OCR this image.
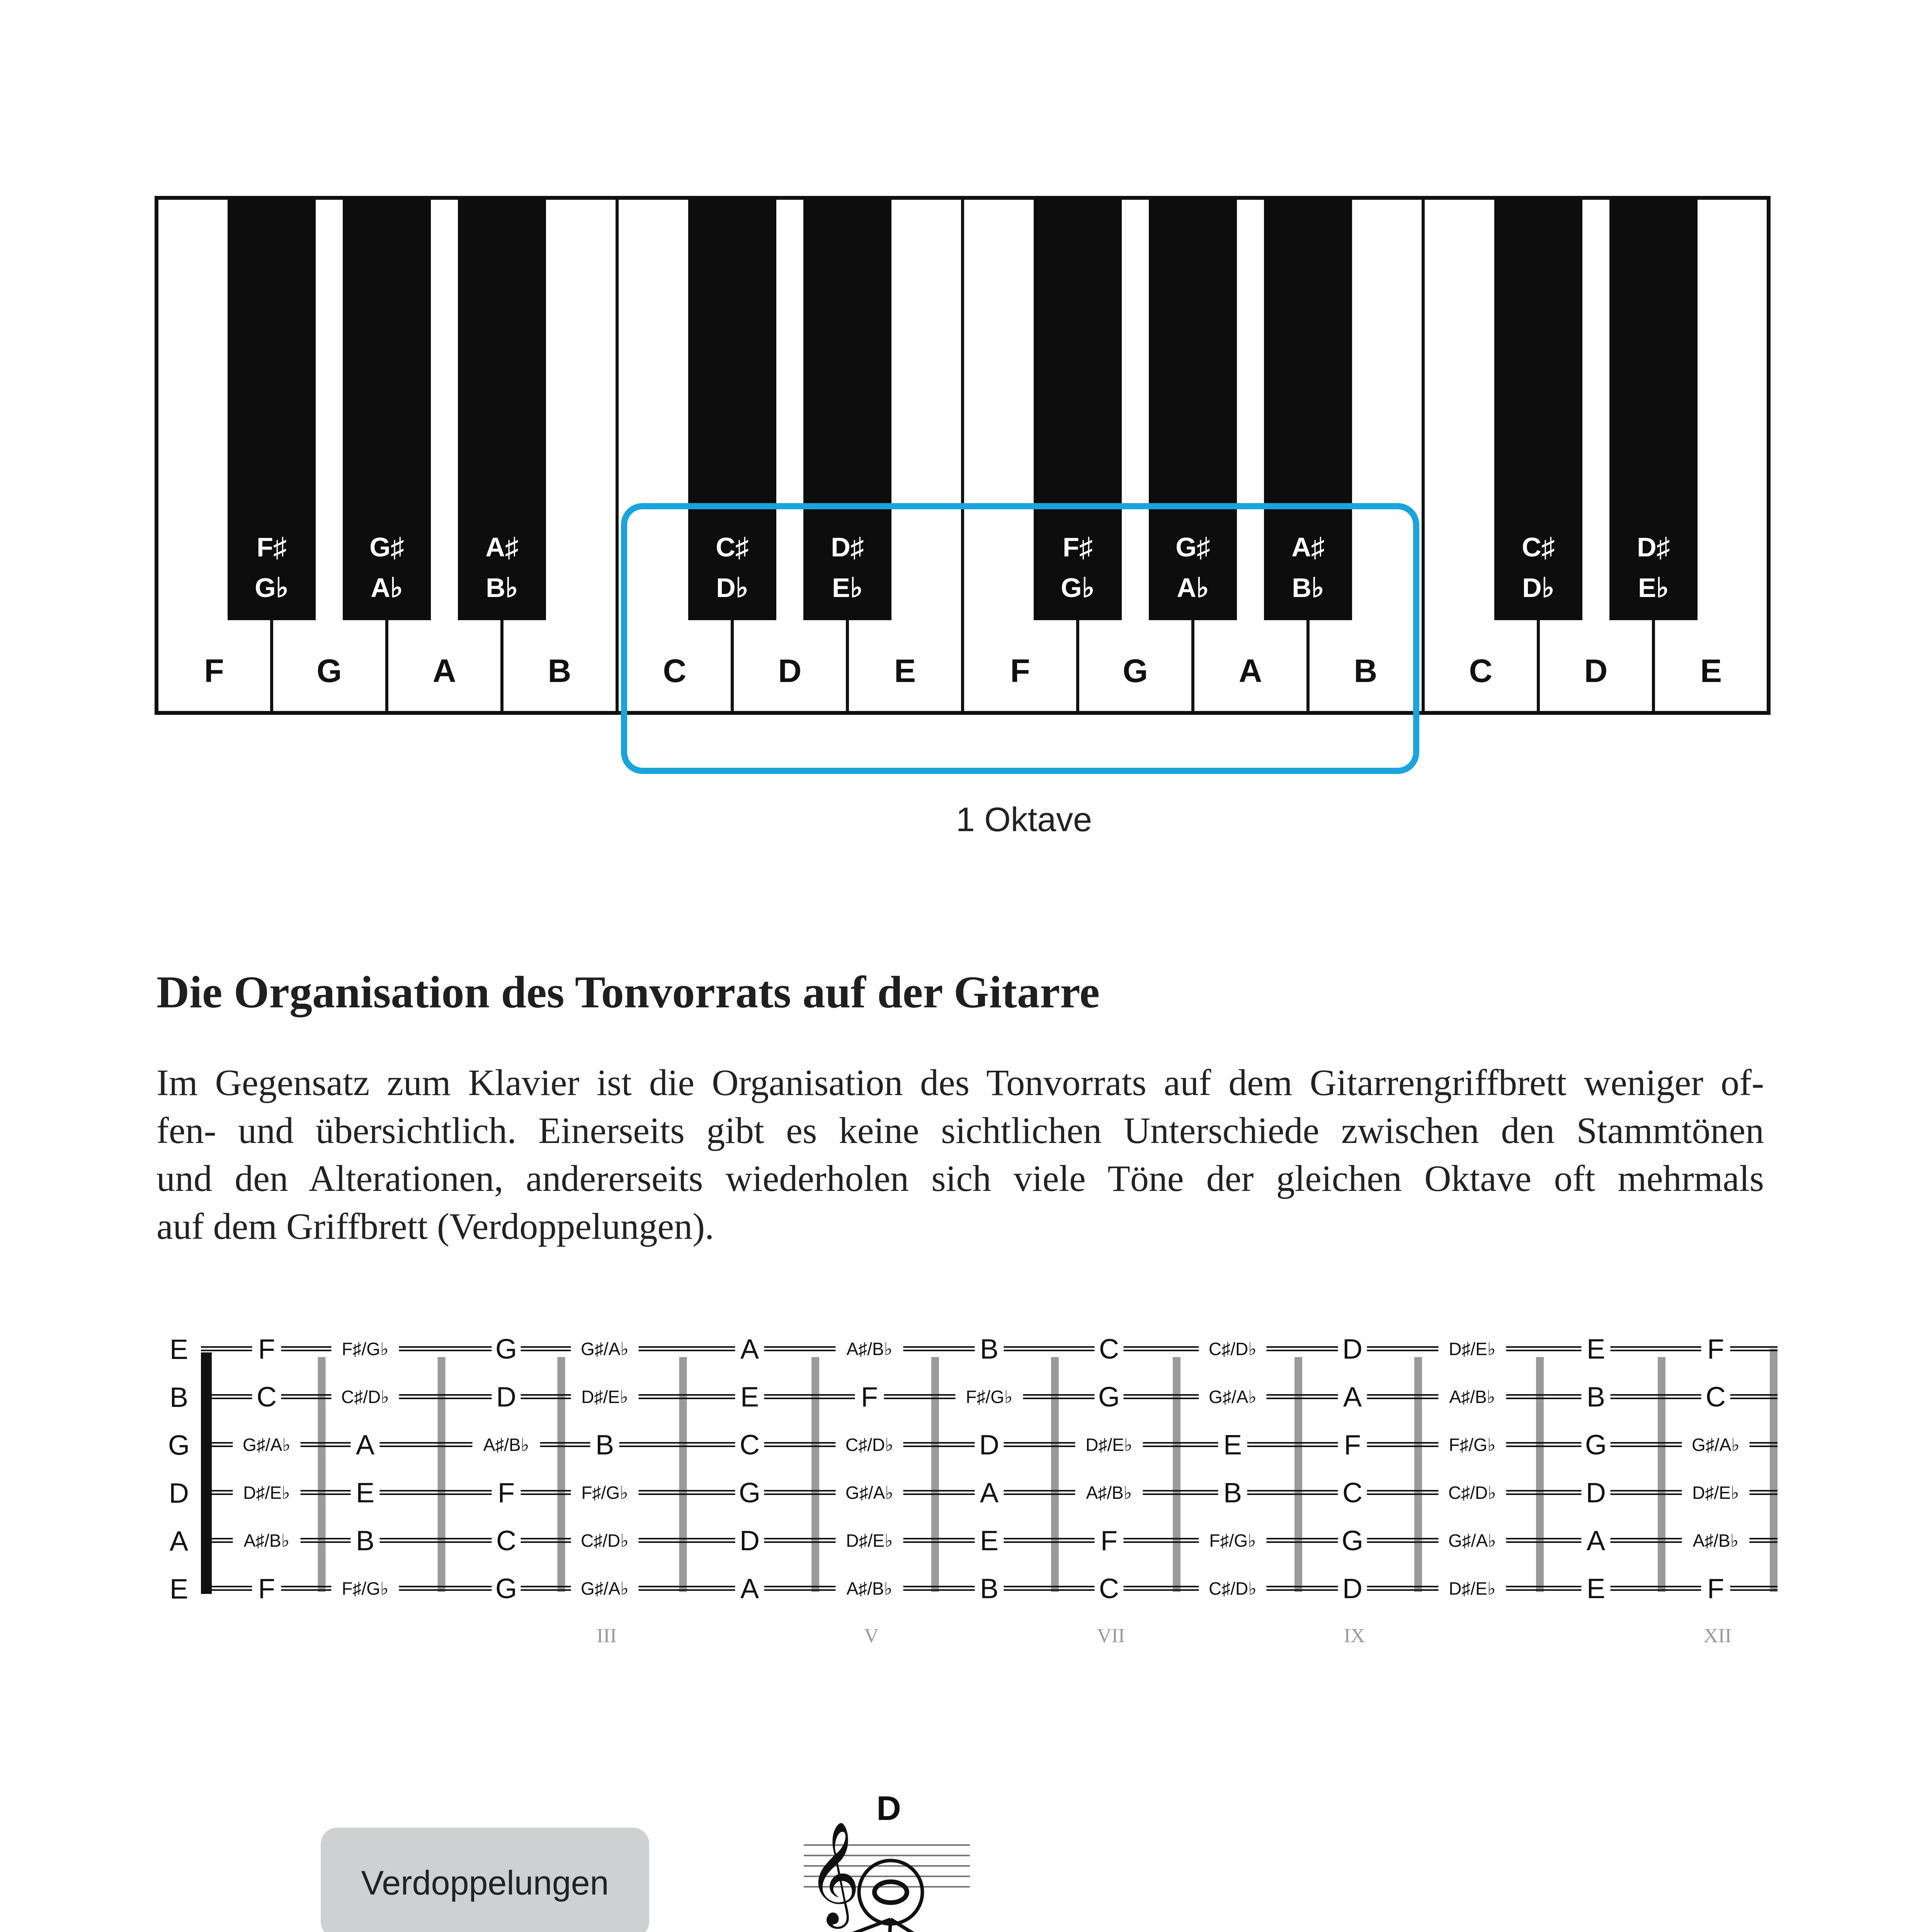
F	G	A	B	C	D	E	F	G	A	B	C	D	E
F♯
G♭
G♯
A♭
A♯
B♭
C♯
D♭
D♯
E♭
F♯
G♭
G♯
A♭
A♯
B♭
C♯
D♭
D♯
E♭
1 Oktave
Die Organisation des Tonvorrats auf der Gitarre
Im Gegensatz zum Klavier ist die Organisation des Tonvorrats auf dem Gitarrengriffbrett weniger of-
fen- und übersichtlich. Einerseits gibt es keine sichtlichen Unterschiede zwischen den Stammtönen
und den Alterationen, andererseits wiederholen sich viele Töne der gleichen Oktave oft mehrmals
auf dem Griffbrett (Verdoppelungen).
E	F	F♯/G♭	G	G♯/A♭	A	A♯/B♭	B	C	C♯/D♭	D	D♯/E♭	E	F
B C	C♯/D♭	D	D♯/E♭	E	F	F♯/G♭	G	G♯/A♭	A	A♯/B♭	B	C
G	G♯/A♭ A	A♯/B♭ B	C	C♯/D♭	D	D♯/E♭	E	F	F♯/G♭	G	G♯/A♭
D	D♯/E♭ E	F	F♯/G♭	G	G♯/A♭	A	A♯/B♭	B	C	C♯/D♭	D	D♯/E♭
A	A♯/B♭ B	C	C♯/D♭	D	D♯/E♭	E	F	F♯/G♭	G	G♯/A♭	A	A♯/B♭
E	F	F♯/G♭	G	G♯/A♭	A	A♯/B♭	B	C	C♯/D♭	D	D♯/E♭	E	F
III	V	VII	IX	XII
Verdoppelungen 𝄞
D
